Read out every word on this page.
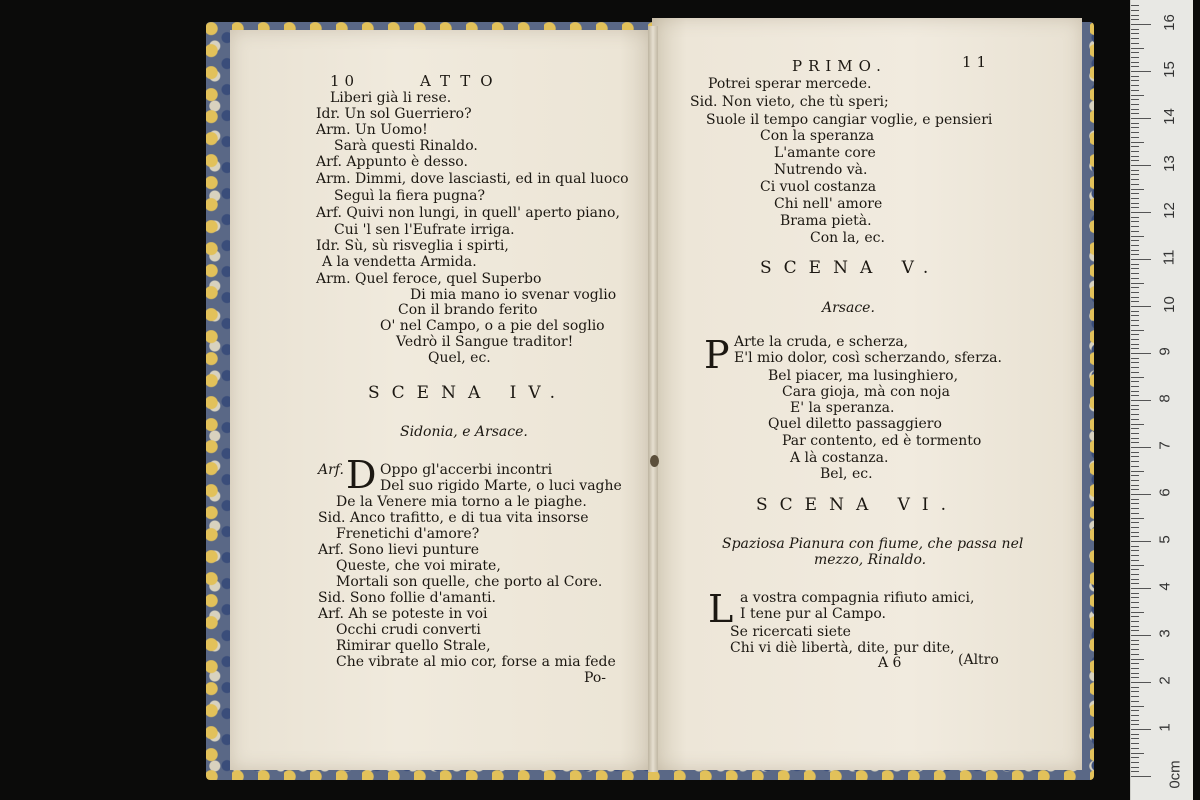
10	ATTO
Liberi già li rese.
Idr. Un sol Guerriero?
Arm. Un Uomo!
Sarà questi Rinaldo.
Arf. Appunto è desso.
Arm. Dimmi, dove lasciasti, ed in qual luoco
Seguì la fiera pugna?
Arf. Quivi non lungi, in quell' aperto piano,
Cui 'l sen l'Eufrate irriga.
Idr. Sù, sù risveglia i spirti,
A la vendetta Armida.
Arm. Quel feroce, quel Superbo
Di mia mano io svenar voglio
Con il brando ferito
O' nel Campo, o a pie del soglio
Vedrò il Sangue traditor!
Quel, ec.
SCENA IV.
Sidonia, e Arsace.
Arf. D Oppo gl'accerbi incontri
Del suo rigido Marte, o luci vaghe
De la Venere mia torno a le piaghe.
Sid. Anco trafitto, e di tua vita insorse
Frenetichi d'amore?
Arf. Sono lievi punture
Queste, che voi mirate,
Mortali son quelle, che porto al Core.
Sid. Sono follie d'amanti.
Arf. Ah se poteste in voi
Occhi crudi converti
Rimirar quello Strale,
Che vibrate al mio cor, forse a mia fede
Po-
PRIMO.	11
Potrei sperar mercede.
Sid. Non vieto, che tù speri;
Suole il tempo cangiar voglie, e pensieri
Con la speranza
L'amante core
Nutrendo và.
Ci vuol costanza
Chi nell' amore
Brama pietà.
Con la, ec.
SCENA V.
Arsace.
P Arte la cruda, e scherza,
E'l mio dolor, così scherzando, sferza.
Bel piacer, ma lusinghiero,
Cara gioja, mà con noja
E' la speranza.
Quel diletto passaggiero
Par contento, ed è tormento
A là costanza.
Bel, ec.
SCENA VI.
Spaziosa Pianura con fiume, che passa nel
mezzo, Rinaldo.
L a vostra compagnia rifiuto amici,
I tene pur al Campo.
Se ricercati siete
Chi vi diè libertà, dite, pur dite,
A 6	(Altro
0cm
1
2
3
4
5
6
7
8
9
10
11
12
13
14
15
16
